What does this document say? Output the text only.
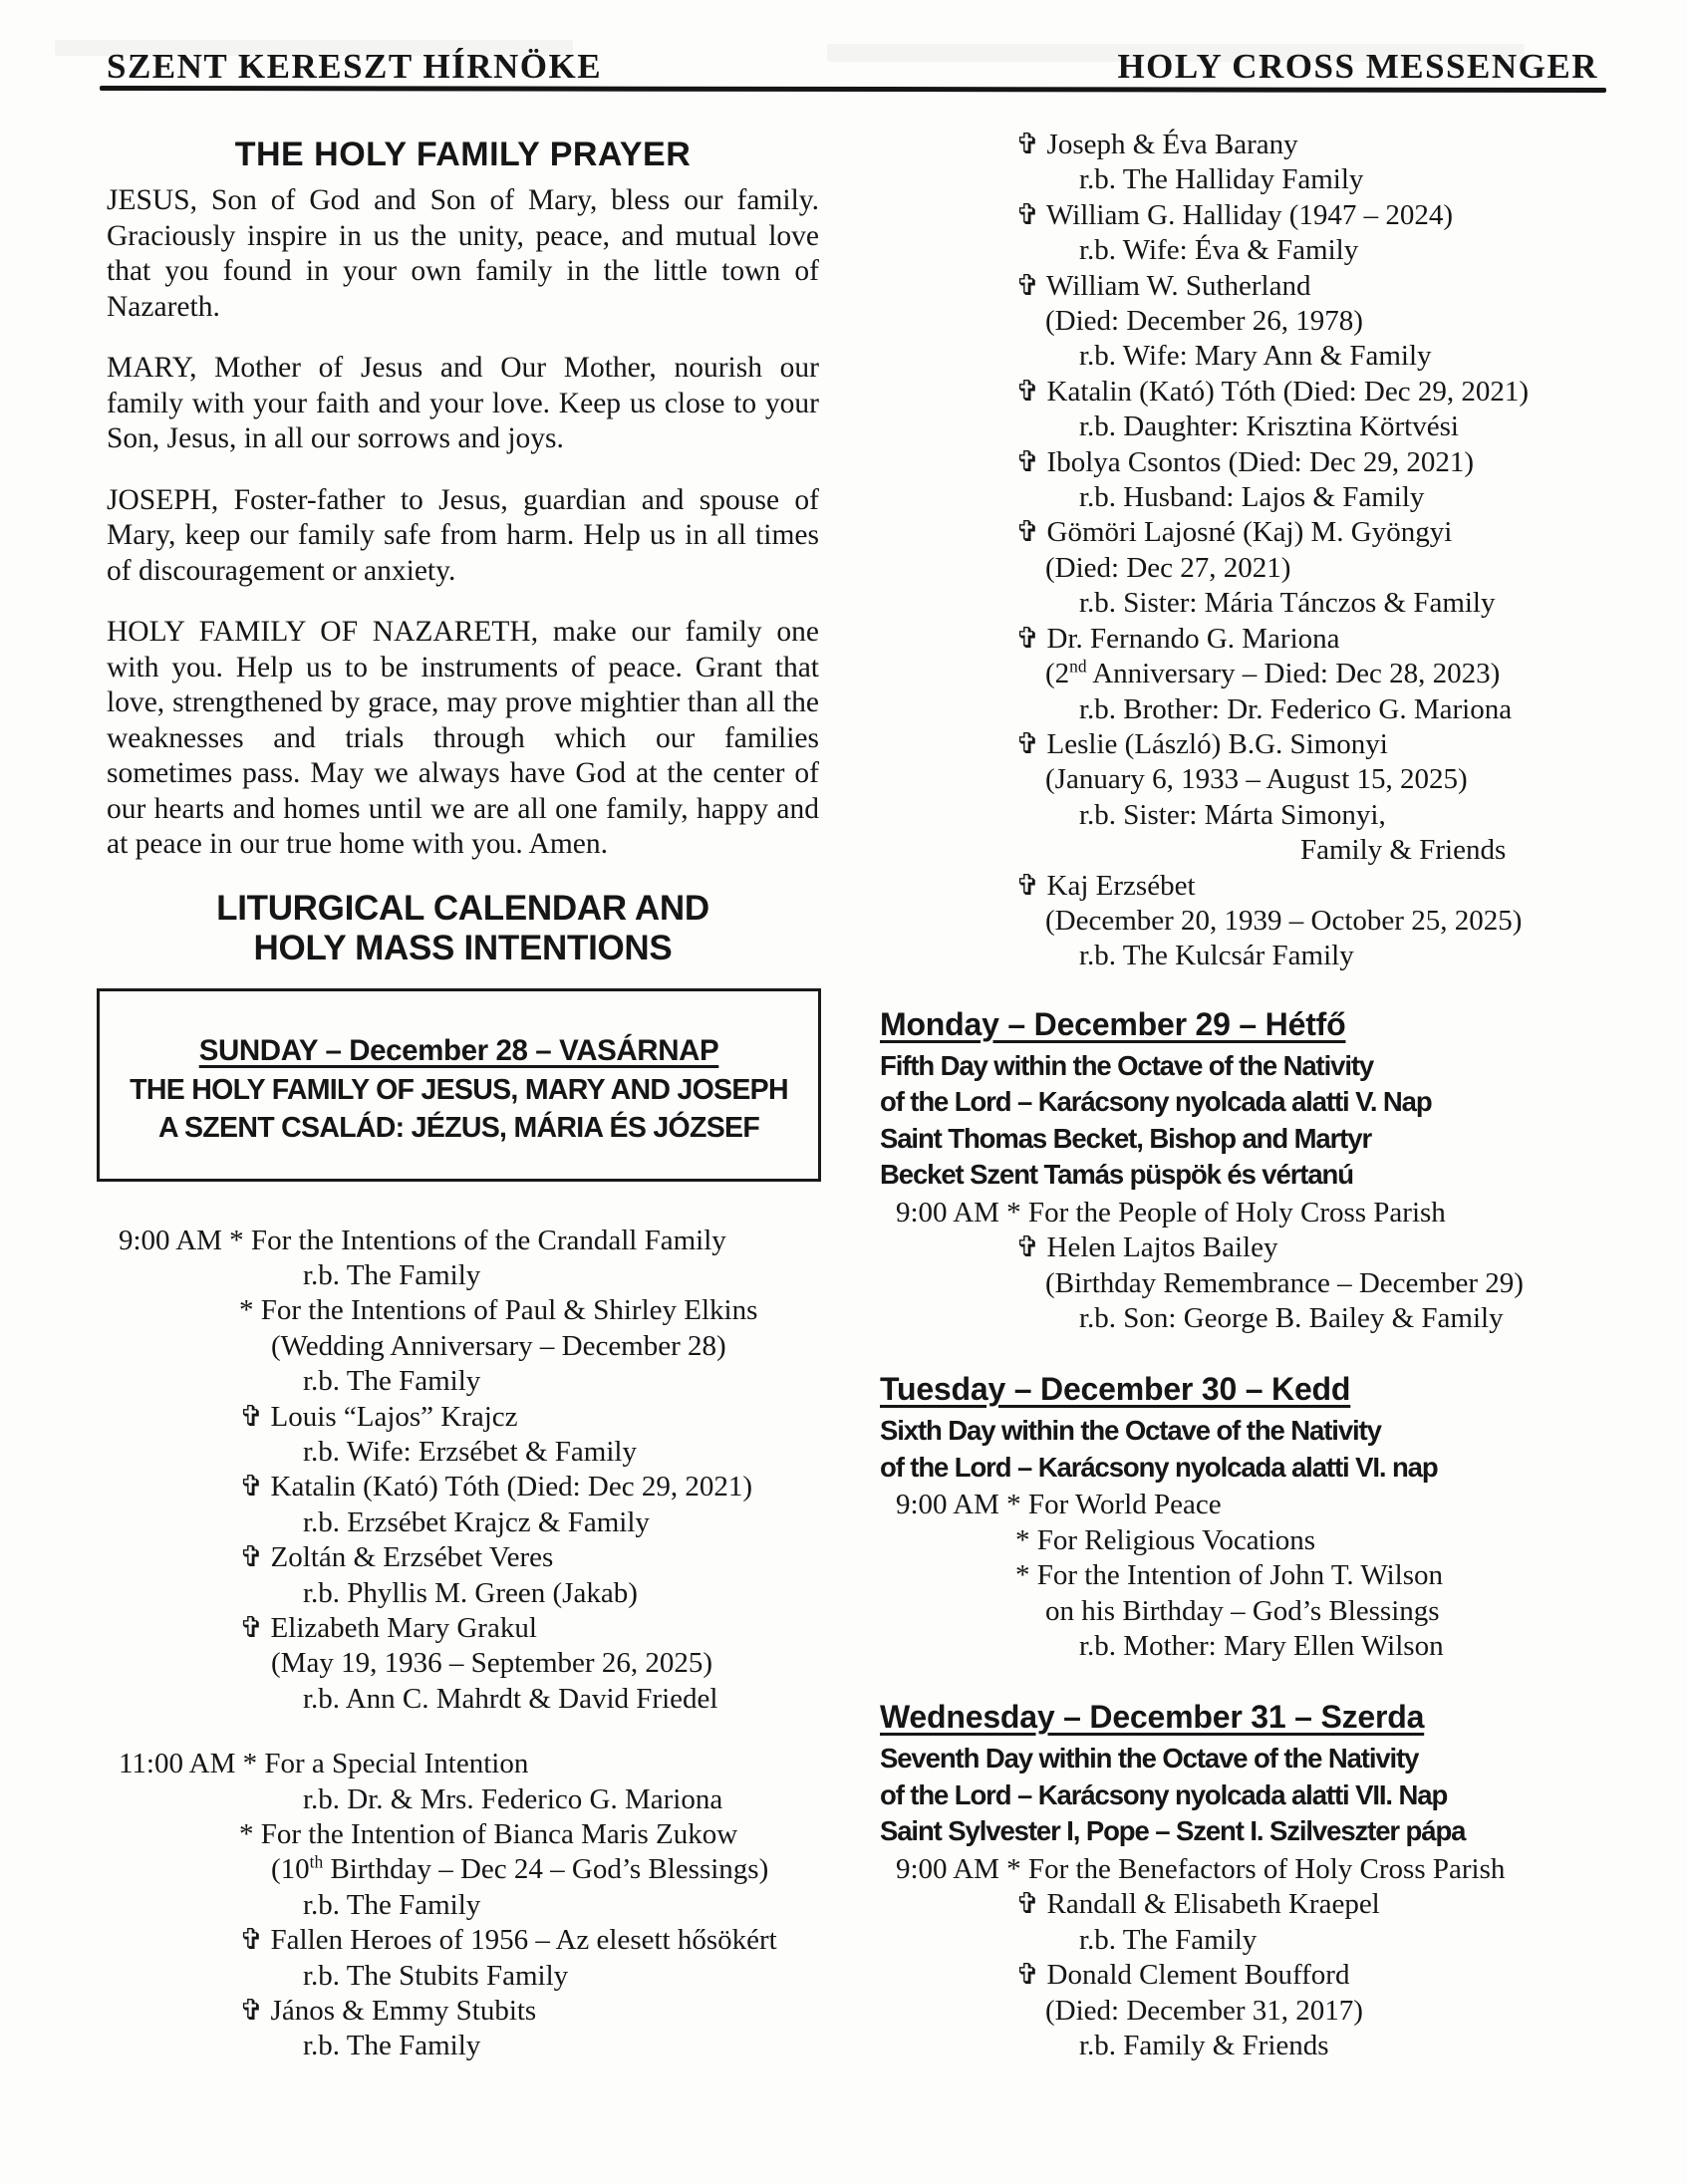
SZENT KERESZT HÍRNÖKE	HOLY CROSS MESSENGER
THE HOLY FAMILY PRAYER

JESUS, Son of God and Son of Mary, bless our family. Graciously inspire in us the unity, peace, and mutual love that you found in your own family in the little town of Nazareth.

MARY, Mother of Jesus and Our Mother, nourish our family with your faith and your love. Keep us close to your Son, Jesus, in all our sorrows and joys.

JOSEPH, Foster-father to Jesus, guardian and spouse of Mary, keep our family safe from harm. Help us in all times of discouragement or anxiety.

HOLY FAMILY OF NAZARETH, make our family one with you. Help us to be instruments of peace. Grant that love, strengthened by grace, may prove mightier than all the weaknesses and trials through which our families sometimes pass. May we always have God at the center of our hearts and homes until we are all one family, happy and at peace in our true home with you. Amen.

LITURGICAL CALENDAR AND
HOLY MASS INTENTIONS
SUNDAY – December 28 – VASÁRNAP
THE HOLY FAMILY OF JESUS, MARY AND JOSEPH
A SZENT CSALÁD: JÉZUS, MÁRIA ÉS JÓZSEF
9:00 AM * For the Intentions of the Crandall Family
r.b. The Family
* For the Intentions of Paul & Shirley Elkins
(Wedding Anniversary – December 28)
r.b. The Family
✞ Louis “Lajos” Krajcz
r.b. Wife: Erzsébet & Family
✞ Katalin (Kató) Tóth (Died: Dec 29, 2021)
r.b. Erzsébet Krajcz & Family
✞ Zoltán & Erzsébet Veres
r.b. Phyllis M. Green (Jakab)
✞ Elizabeth Mary Grakul
(May 19, 1936 – September 26, 2025)
r.b. Ann C. Mahrdt & David Friedel
11:00 AM * For a Special Intention
r.b. Dr. & Mrs. Federico G. Mariona
* For the Intention of Bianca Maris Zukow
(10th Birthday – Dec 24 – God’s Blessings)
r.b. The Family
✞ Fallen Heroes of 1956 – Az elesett hősökért
r.b. The Stubits Family
✞ János & Emmy Stubits
r.b. The Family
✞ Joseph & Éva Barany
r.b. The Halliday Family
✞ William G. Halliday (1947 – 2024)
r.b. Wife: Éva & Family
✞ William W. Sutherland
(Died: December 26, 1978)
r.b. Wife: Mary Ann & Family
✞ Katalin (Kató) Tóth (Died: Dec 29, 2021)
r.b. Daughter: Krisztina Körtvési
✞ Ibolya Csontos (Died: Dec 29, 2021)
r.b. Husband: Lajos & Family
✞ Gömöri Lajosné (Kaj) M. Gyöngyi
(Died: Dec 27, 2021)
r.b. Sister: Mária Tánczos & Family
✞ Dr. Fernando G. Mariona
(2nd Anniversary – Died: Dec 28, 2023)
r.b. Brother: Dr. Federico G. Mariona
✞ Leslie (László) B.G. Simonyi
(January 6, 1933 – August 15, 2025)
r.b. Sister: Márta Simonyi,
Family & Friends
✞ Kaj Erzsébet
(December 20, 1939 – October 25, 2025)
r.b. The Kulcsár Family
Monday – December 29 – Hétfő
Fifth Day within the Octave of the Nativity
of the Lord – Karácsony nyolcada alatti V. Nap
Saint Thomas Becket, Bishop and Martyr
Becket Szent Tamás püspök és vértanú
9:00 AM * For the People of Holy Cross Parish
✞ Helen Lajtos Bailey
(Birthday Remembrance – December 29)
r.b. Son: George B. Bailey & Family
Tuesday – December 30 – Kedd
Sixth Day within the Octave of the Nativity
of the Lord – Karácsony nyolcada alatti VI. nap
9:00 AM * For World Peace
* For Religious Vocations
* For the Intention of John T. Wilson
on his Birthday – God’s Blessings
r.b. Mother: Mary Ellen Wilson
Wednesday – December 31 – Szerda
Seventh Day within the Octave of the Nativity
of the Lord – Karácsony nyolcada alatti VII. Nap
Saint Sylvester I, Pope – Szent I. Szilveszter pápa
9:00 AM * For the Benefactors of Holy Cross Parish
✞ Randall & Elisabeth Kraepel
r.b. The Family
✞ Donald Clement Boufford
(Died: December 31, 2017)
r.b. Family & Friends
